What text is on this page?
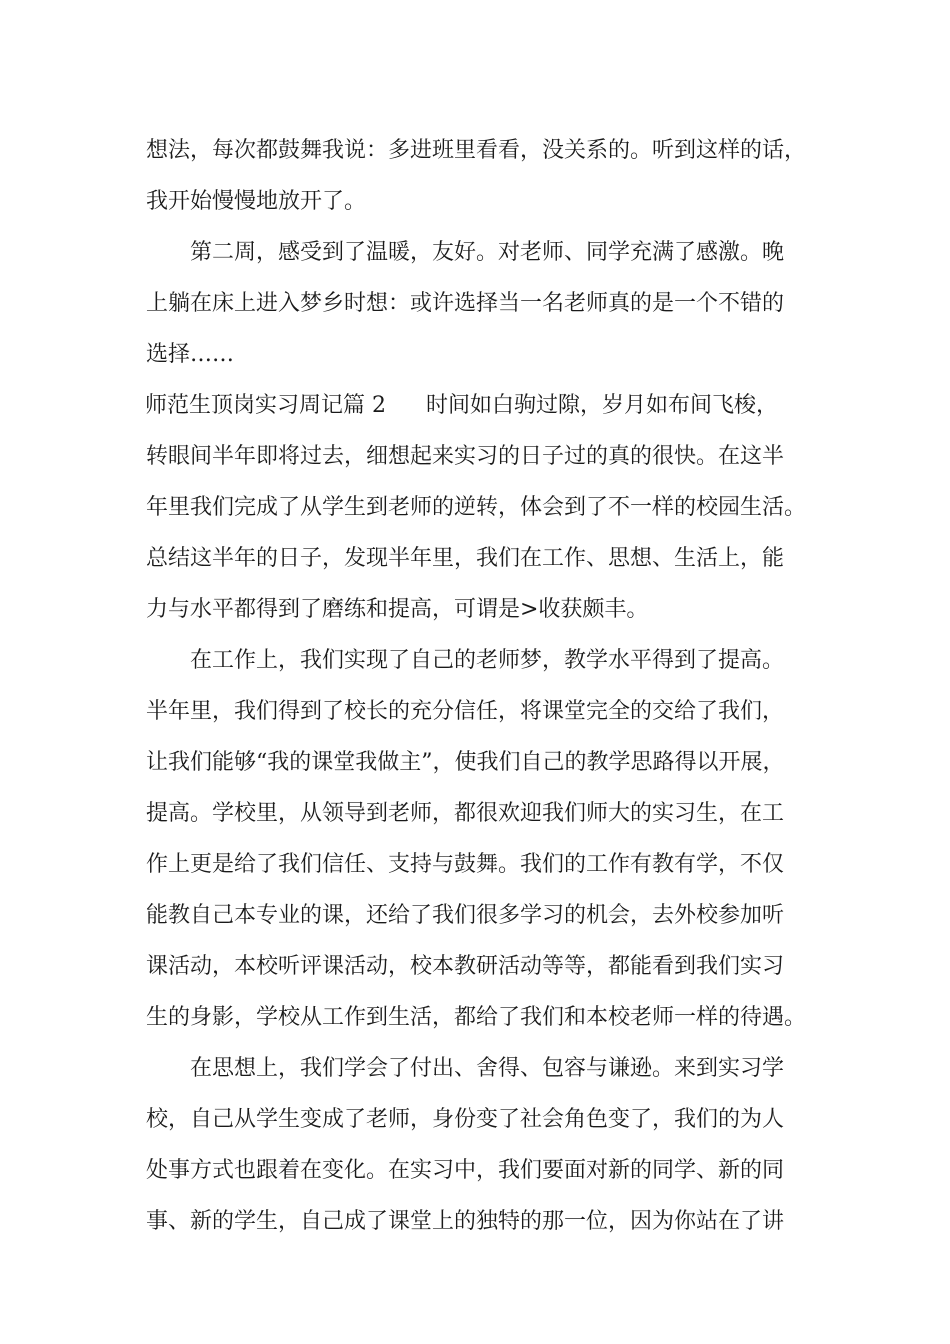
想法，每次都鼓舞我说：多进班里看看，没关系的。听到这样的话，
我开始慢慢地放开了。
第二周，感受到了温暖，友好。对老师、同学充满了感激。晚
上躺在床上进入梦乡时想：或许选择当一名老师真的是一个不错的
选择……
师范生顶岗实习周记篇 2 时间如白驹过隙，岁月如布间飞梭，
转眼间半年即将过去，细想起来实习的日子过的真的很快。在这半
年里我们完成了从学生到老师的逆转，体会到了不一样的校园生活。
总结这半年的日子，发现半年里，我们在工作、思想、生活上，能
力与水平都得到了磨练和提高，可谓是>收获颇丰。
在工作上，我们实现了自己的老师梦，教学水平得到了提高。
半年里，我们得到了校长的充分信任，将课堂完全的交给了我们，
让我们能够“我的课堂我做主”，使我们自己的教学思路得以开展，
提高。学校里，从领导到老师，都很欢迎我们师大的实习生，在工
作上更是给了我们信任、支持与鼓舞。我们的工作有教有学，不仅
能教自己本专业的课，还给了我们很多学习的机会，去外校参加听
课活动，本校听评课活动，校本教研活动等等，都能看到我们实习
生的身影，学校从工作到生活，都给了我们和本校老师一样的待遇。
在思想上，我们学会了付出、舍得、包容与谦逊。来到实习学
校，自己从学生变成了老师，身份变了社会角色变了，我们的为人
处事方式也跟着在变化。在实习中，我们要面对新的同学、新的同
事、新的学生，自己成了课堂上的独特的那一位，因为你站在了讲
